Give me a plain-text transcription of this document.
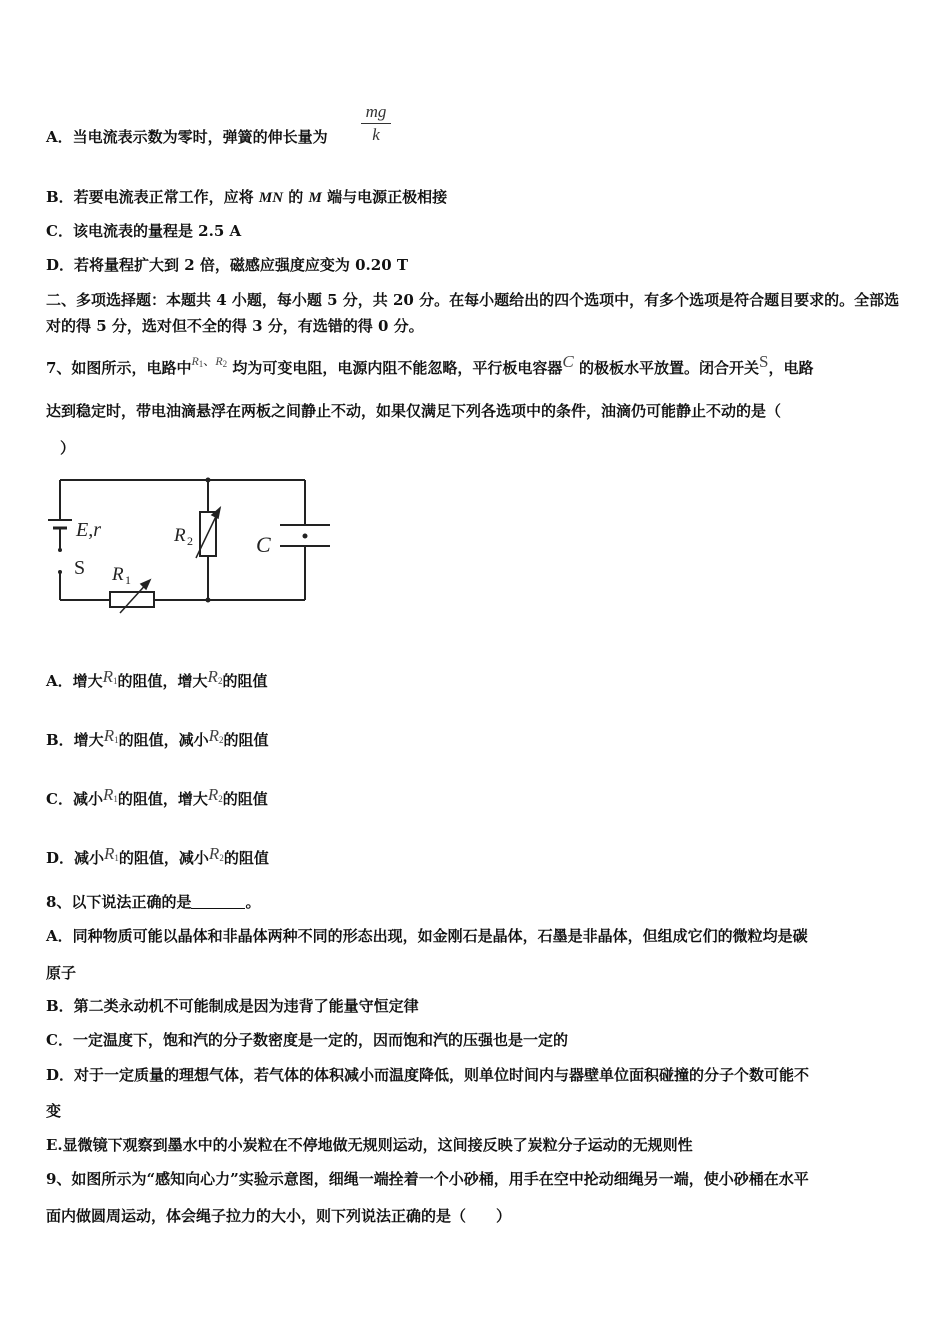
A．当电流表示数为零时，弹簧的伸长量为 $\frac{mg}{k}$
B．若要电流表正常工作，应将 MN 的 M 端与电源正极相接
C．该电流表的量程是 2.5 A
D．若将量程扩大到 2 倍，磁感应强度应变为 0.20 T
二、多项选择题：本题共 4 小题，每小题 5 分，共 20 分。在每小题给出的四个选项中，有多个选项是符合题目要求的。全部选对的得 5 分，选对但不全的得 3 分，有选错的得 0 分。
7、如图所示，电路中$^{R_1、R_2}$ 均为可变电阻，电源内阻不能忽略，平行板电容器C 的极板水平放置。闭合开关S，电路
达到稳定时，带电油滴悬浮在两板之间静止不动，如果仅满足下列各选项中的条件，油滴仍可能静止不动的是（
）
E,r
S R 1
R 2	C
A．增大$R_1$的阻值，增大$R_2$的阻值
B．增大$R_1$的阻值，减小$R_2$的阻值
C．减小$R_1$的阻值，增大$R_2$的阻值
D．减小$R_1$的阻值，减小$R_2$的阻值
8、以下说法正确的是	。
A．同种物质可能以晶体和非晶体两种不同的形态出现，如金刚石是晶体，石墨是非晶体，但组成它们的微粒均是碳
原子
B．第二类永动机不可能制成是因为违背了能量守恒定律
C．一定温度下，饱和汽的分子数密度是一定的，因而饱和汽的压强也是一定的
D．对于一定质量的理想气体，若气体的体积减小而温度降低，则单位时间内与器壁单位面积碰撞的分子个数可能不
变
E.显微镜下观察到墨水中的小炭粒在不停地做无规则运动，这间接反映了炭粒分子运动的无规则性
9、如图所示为“感知向心力”实验示意图，细绳一端拴着一个小砂桶，用手在空中抡动细绳另一端，使小砂桶在水平
面内做圆周运动，体会绳子拉力的大小，则下列说法正确的是（　　）
